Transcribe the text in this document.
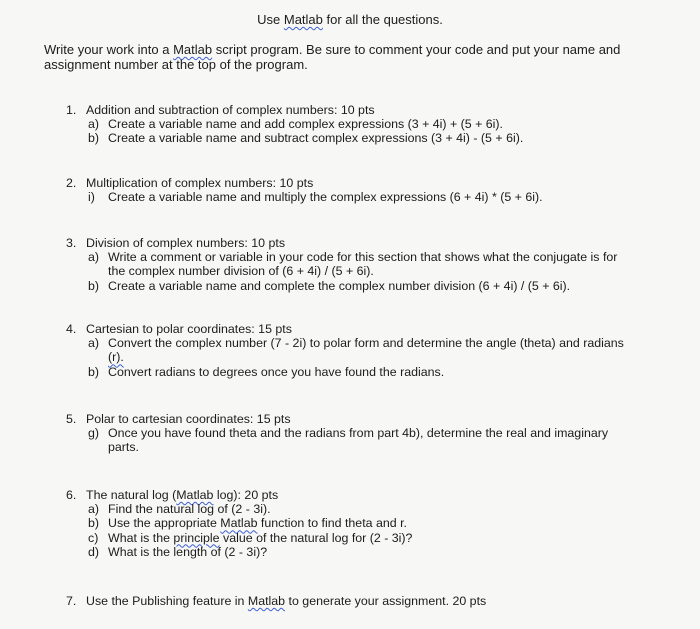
Use Matlab for all the questions.
Write your work into a Matlab script program. Be sure to comment your code and put your name and assignment number at the top of the program.
1. Addition and subtraction of complex numbers: 10 pts
a) Create a variable name and add complex expressions (3 + 4i) + (5 + 6i).
b) Create a variable name and subtract complex expressions (3 + 4i) - (5 + 6i).
2. Multiplication of complex numbers: 10 pts
i) Create a variable name and multiply the complex expressions (6 + 4i) * (5 + 6i).
3. Division of complex numbers: 10 pts
a) Write a comment or variable in your code for this section that shows what the conjugate is for
the complex number division of (6 + 4i) / (5 + 6i).
b) Create a variable name and complete the complex number division (6 + 4i) / (5 + 6i).
4. Cartesian to polar coordinates: 15 pts
a) Convert the complex number (7 - 2i) to polar form and determine the angle (theta) and radians
(r).
b) Convert radians to degrees once you have found the radians.
5. Polar to cartesian coordinates: 15 pts
g) Once you have found theta and the radians from part 4b), determine the real and imaginary
parts.
6. The natural log (Matlab log): 20 pts
a) Find the natural log of (2 - 3i).
b) Use the appropriate Matlab function to find theta and r.
c) What is the principle value of the natural log for (2 - 3i)?
d) What is the length of (2 - 3i)?
7. Use the Publishing feature in Matlab to generate your assignment. 20 pts
